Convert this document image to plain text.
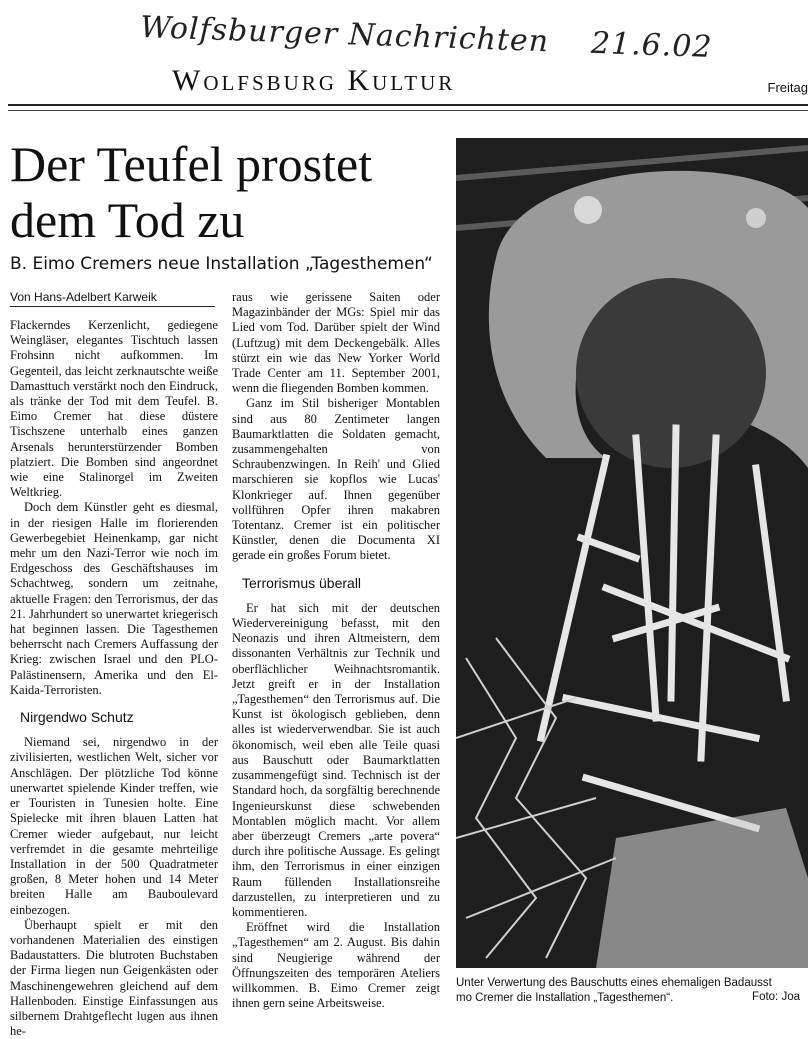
Wolfsburger Nachrichten 21.6.02
Wolfsburg Kultur	Freitag
Der Teufel prostet
dem Tod zu
B. Eimo Cremers neue Installation „Tagesthemen“
Von Hans-Adelbert Karweik

Flackerndes Kerzenlicht, gediegene Weingläser, elegantes Tischtuch lassen Frohsinn nicht aufkommen. Im Gegenteil, das leicht zerknautschte weiße Damasttuch verstärkt noch den Eindruck, als tränke der Tod mit dem Teufel. B. Eimo Cremer hat diese düstere Tischszene unterhalb eines ganzen Arsenals herunterstürzender Bomben platziert. Die Bomben sind angeordnet wie eine Stalinorgel im Zweiten Weltkrieg.

Doch dem Künstler geht es diesmal, in der riesigen Halle im florierenden Gewerbegebiet Heinenkamp, gar nicht mehr um den Nazi-Terror wie noch im Erdgeschoss des Geschäftshauses im Schachtweg, sondern um zeitnahe, aktuelle Fragen: den Terrorismus, der das 21. Jahrhundert so unerwartet kriegerisch hat beginnen lassen. Die Tagesthemen beherrscht nach Cremers Auffassung der Krieg: zwischen Israel und den PLO-Palästinensern, Amerika und den El-Kaida-Terroristen.

Nirgendwo Schutz

Niemand sei, nirgendwo in der zivilisierten, westlichen Welt, sicher vor Anschlägen. Der plötzliche Tod könne unerwartet spielende Kinder treffen, wie er Touristen in Tunesien holte. Eine Spielecke mit ihren blauen Latten hat Cremer wieder aufgebaut, nur leicht verfremdet in die gesamte mehrteilige Installation in der 500 Quadratmeter großen, 8 Meter hohen und 14 Meter breiten Halle am Bauboulevard einbezogen.

Überhaupt spielt er mit den vorhandenen Materialien des einstigen Badaustatters. Die blutroten Buchstaben der Firma liegen nun Geigenkästen oder Maschinengewehren gleichend auf dem Hallenboden. Einstige Einfassungen aus silbernem Drahtgeflecht lugen aus ihnen he-

raus wie gerissene Saiten oder Magazinbänder der MGs: Spiel mir das Lied vom Tod. Darüber spielt der Wind (Luftzug) mit dem Deckengebälk. Alles stürzt ein wie das New Yorker World Trade Center am 11. September 2001, wenn die fliegenden Bomben kommen.

Ganz im Stil bisheriger Montablen sind aus 80 Zentimeter langen Baumarktlatten die Soldaten gemacht, zusammengehalten von Schraubenzwingen. In Reih' und Glied marschieren sie kopflos wie Lucas' Klonkrieger auf. Ihnen gegenüber vollführen Opfer ihren makabren Totentanz. Cremer ist ein politischer Künstler, denen die Documenta XI gerade ein großes Forum bietet.

Terrorismus überall

Er hat sich mit der deutschen Wiedervereinigung befasst, mit den Neonazis und ihren Altmeistern, dem dissonanten Verhältnis zur Technik und oberflächlicher Weihnachtsromantik. Jetzt greift er in der Installation „Tagesthemen“ den Terrorismus auf. Die Kunst ist ökologisch geblieben, denn alles ist wiederverwendbar. Sie ist auch ökonomisch, weil eben alle Teile quasi aus Bauschutt oder Baumarktlatten zusammengefügt sind. Technisch ist der Standard hoch, da sorgfältig berechnende Ingenieurskunst diese schwebenden Montablen möglich macht. Vor allem aber überzeugt Cremers „arte povera“ durch ihre politische Aussage. Es gelingt ihm, den Terrorismus in einer einzigen Raum füllenden Installationsreihe darzustellen, zu interpretieren und zu kommentieren.

Eröffnet wird die Installation „Tagesthemen“ am 2. August. Bis dahin sind Neugierige während der Öffnungszeiten des temporären Ateliers willkommen. B. Eimo Cremer zeigt ihnen gern seine Arbeitsweise.

Unter Verwertung des Bauschutts eines ehemaligen Badausst
mo Cremer die Installation „Tagesthemen“.	Foto: Joa
